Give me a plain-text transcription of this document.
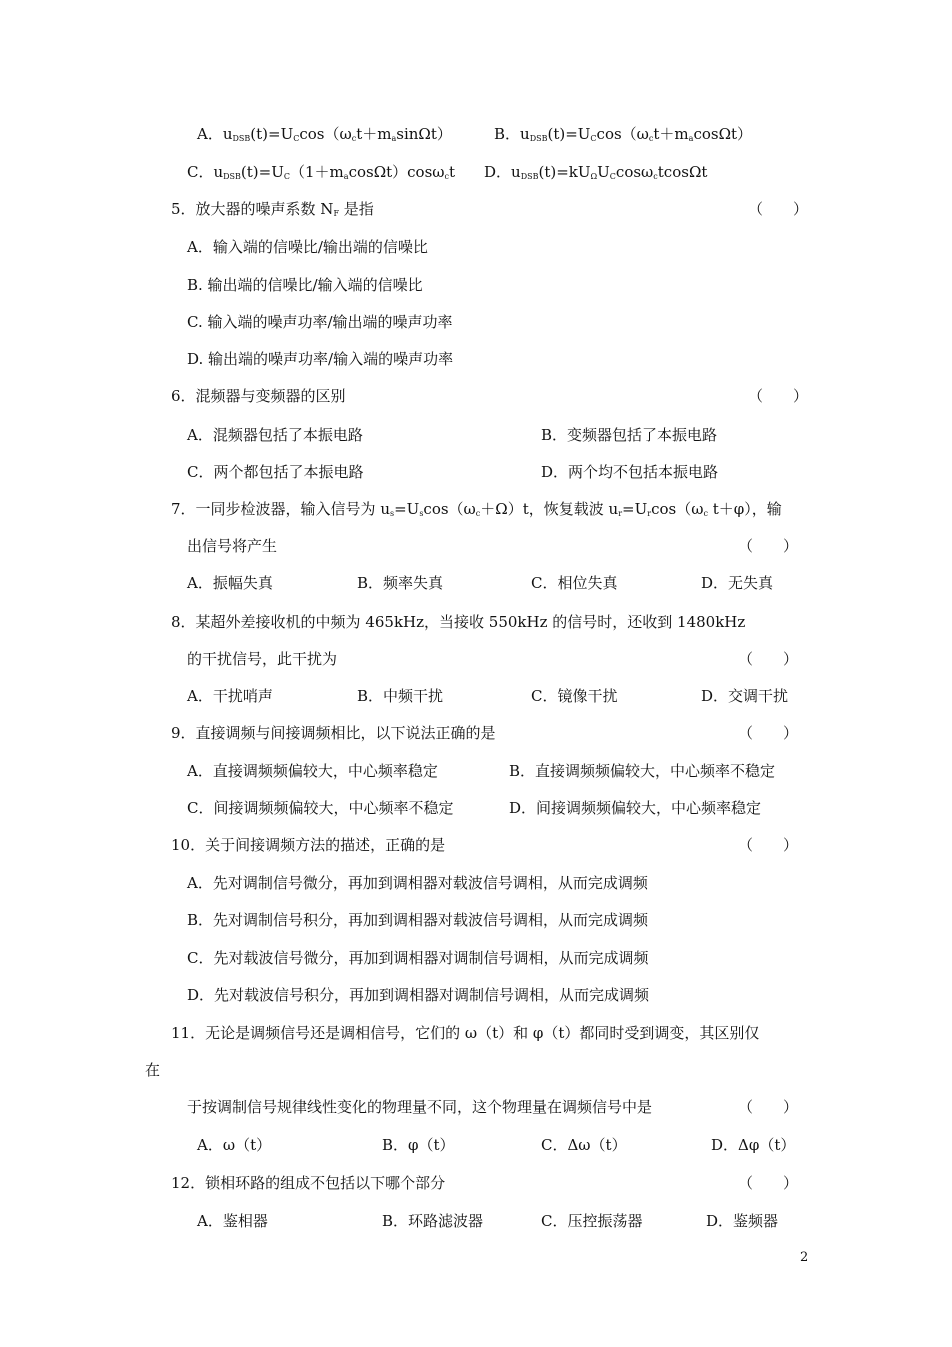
A．$u_{DSB}(t)=U_C\cos(\omega_ct+m_a\sin\Omega t)$	B．$u_{DSB}(t)=U_C\cos(\omega_ct+m_a\cos\Omega t)$
C．$u_{DSB}(t)=U_C(1+m_a\cos\Omega t)\cos\omega_ct$ D．$u_{DSB}(t)=kU_\Omega U_C\cos\omega_ctcos\Omega t$
5．放大器的噪声系数 $N_F$ 是指	（　　）
A．输入端的信噪比/输出端的信噪比
B. 输出端的信噪比/输入端的信噪比
C. 输入端的噪声功率/输出端的噪声功率
D. 输出端的噪声功率/输入端的噪声功率
6．混频器与变频器的区别	（　　）
A．混频器包括了本振电路	B．变频器包括了本振电路
C．两个都包括了本振电路	D．两个均不包括本振电路
7．一同步检波器，输入信号为 $u_s=U_s\cos(\omega_c+\Omega)t$，恢复载波 $u_r=U_r\cos(\omega_c$ t＋φ），输
出信号将产生	（　　）
A．振幅失真	B．频率失真	C．相位失真	D．无失真
8．某超外差接收机的中频为 465kHz，当接收 550kHz 的信号时，还收到 1480kHz
的干扰信号，此干扰为	（　　）
A．干扰哨声	B．中频干扰	C．镜像干扰	D．交调干扰
9．直接调频与间接调频相比，以下说法正确的是	（　　）
A．直接调频频偏较大，中心频率稳定	B．直接调频频偏较大，中心频率不稳定
C．间接调频频偏较大，中心频率不稳定	D．间接调频频偏较大，中心频率稳定
10．关于间接调频方法的描述，正确的是	（　　）
A．先对调制信号微分，再加到调相器对载波信号调相，从而完成调频
B．先对调制信号积分，再加到调相器对载波信号调相，从而完成调频
C．先对载波信号微分，再加到调相器对调制信号调相，从而完成调频
D．先对载波信号积分，再加到调相器对调制信号调相，从而完成调频
11．无论是调频信号还是调相信号，它们的 ω（t）和 φ（t）都同时受到调变，其区别仅
在
于按调制信号规律线性变化的物理量不同，这个物理量在调频信号中是	（　　）
A．ω（t）	B．φ（t）	C．Δω（t）	D．Δφ（t）
12．锁相环路的组成不包括以下哪个部分	（　　）
A．鉴相器	B．环路滤波器	C．压控振荡器	D．鉴频器
2
